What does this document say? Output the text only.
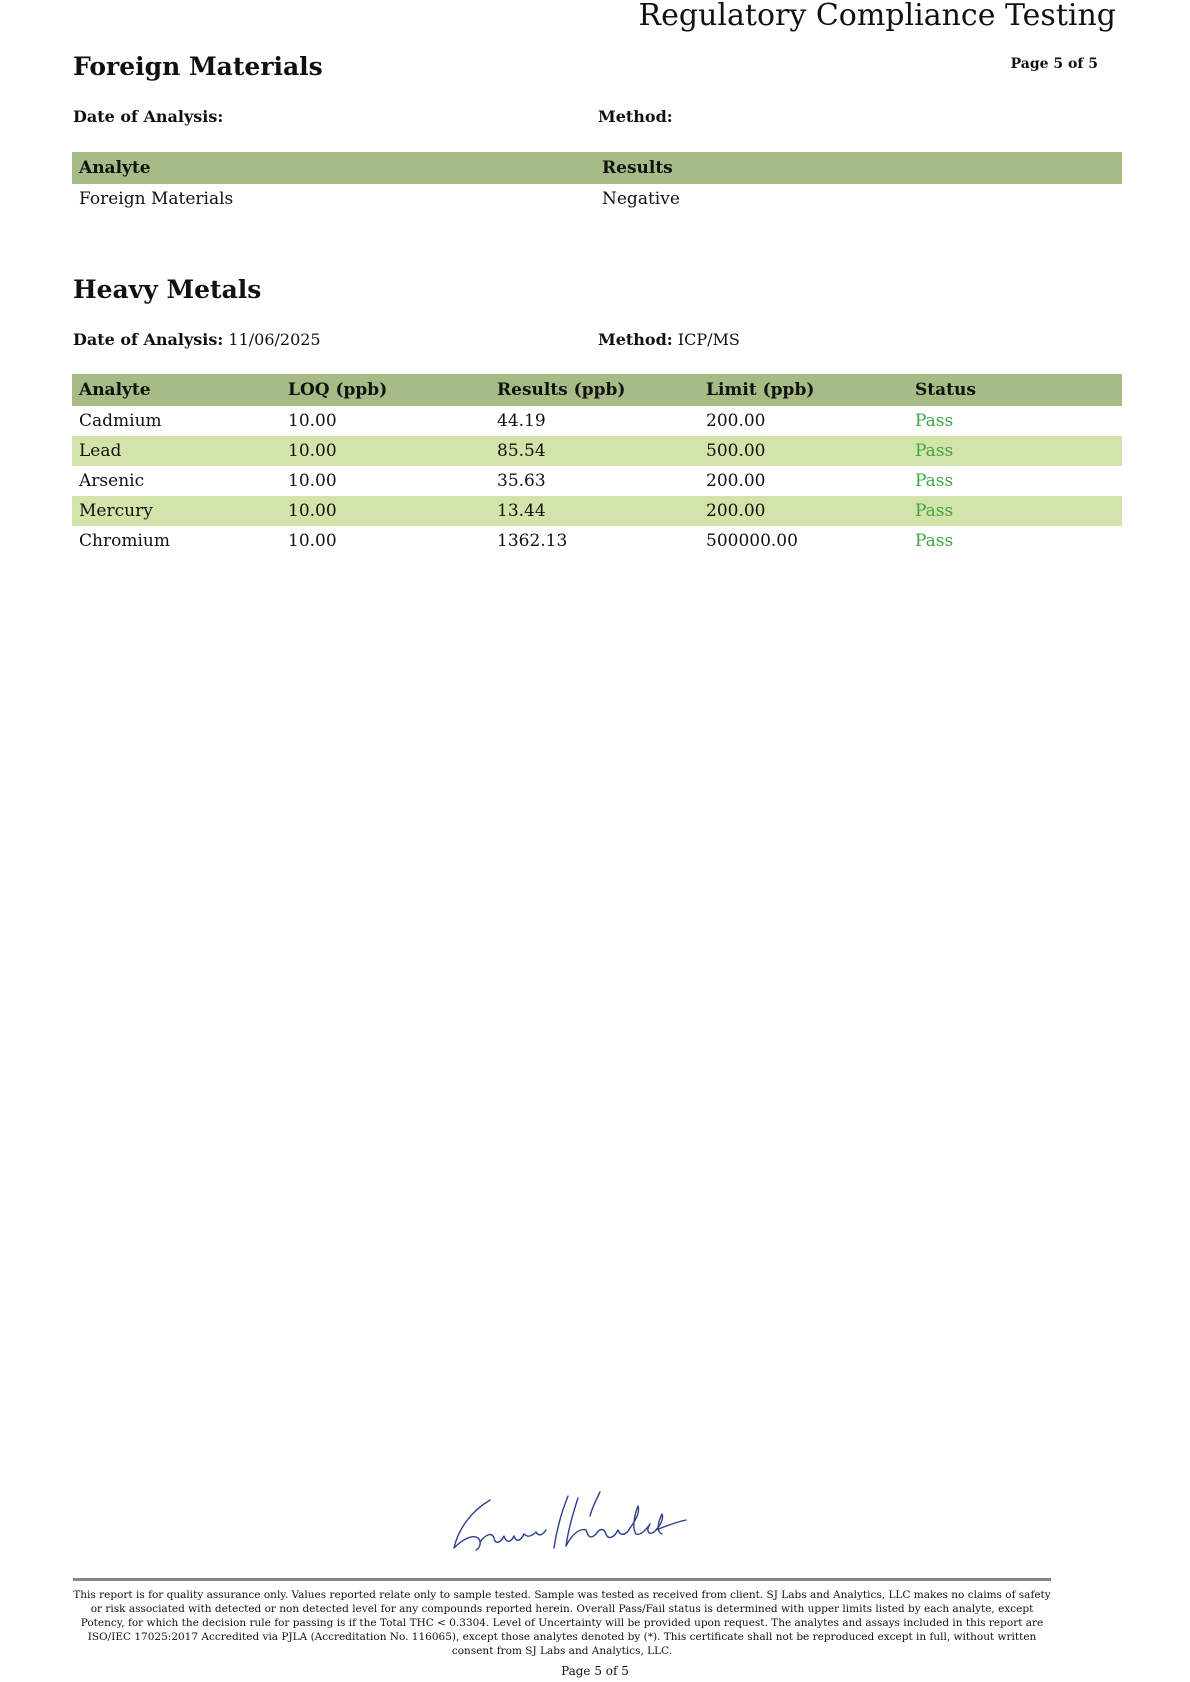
Regulatory Compliance Testing
Page 5 of 5
Foreign Materials
Date of Analysis:	Method:
Analyte	Results
Foreign Materials	Negative
Heavy Metals
Date of Analysis: 11/06/2025	Method: ICP/MS
Analyte	LOQ (ppb)	Results (ppb)	Limit (ppb)	Status
Cadmium	10.00	44.19	200.00	Pass
Lead	10.00	85.54	500.00	Pass
Arsenic	10.00	35.63	200.00	Pass
Mercury	10.00	13.44	200.00	Pass
Chromium	10.00	1362.13	500000.00	Pass
This report is for quality assurance only. Values reported relate only to sample tested. Sample was tested as received from client. SJ Labs and Analytics, LLC makes no claims of safety or risk associated with detected or non detected level for any compounds reported herein. Overall Pass/Fail status is determined with upper limits listed by each analyte, except Potency, for which the decision rule for passing is if the Total THC < 0.3304. Level of Uncertainty will be provided upon request. The analytes and assays included in this report are ISO/IEC 17025:2017 Accredited via PJLA (Accreditation No. 116065), except those analytes denoted by (*). This certificate shall not be reproduced except in full, without written consent from SJ Labs and Analytics, LLC.
Page 5 of 5
